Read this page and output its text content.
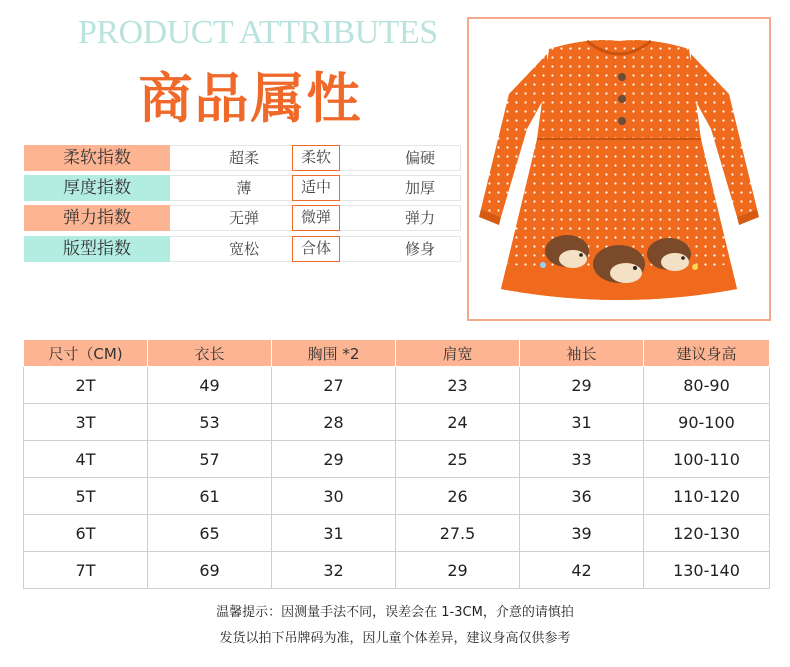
PRODUCT ATTRIBUTES
商品属性
柔软指数	超柔	柔软	偏硬
厚度指数	薄	适中	加厚
弹力指数	无弹	微弹	弹力
版型指数	宽松	合体	修身
尺寸（CM)	衣长	胸围 *2	肩宽	袖长	建议身高
2T	49	27	23	29	80-90
3T	53	28	24	31	90-100
4T	57	29	25	33	100-110
5T	61	30	26	36	110-120
6T	65	31	27.5	39	120-130
7T	69	32	29	42	130-140
温馨提示：因测量手法不同，误差会在 1-3CM，介意的请慎拍
发货以拍下吊牌码为准，因儿童个体差异，建议身高仅供参考
